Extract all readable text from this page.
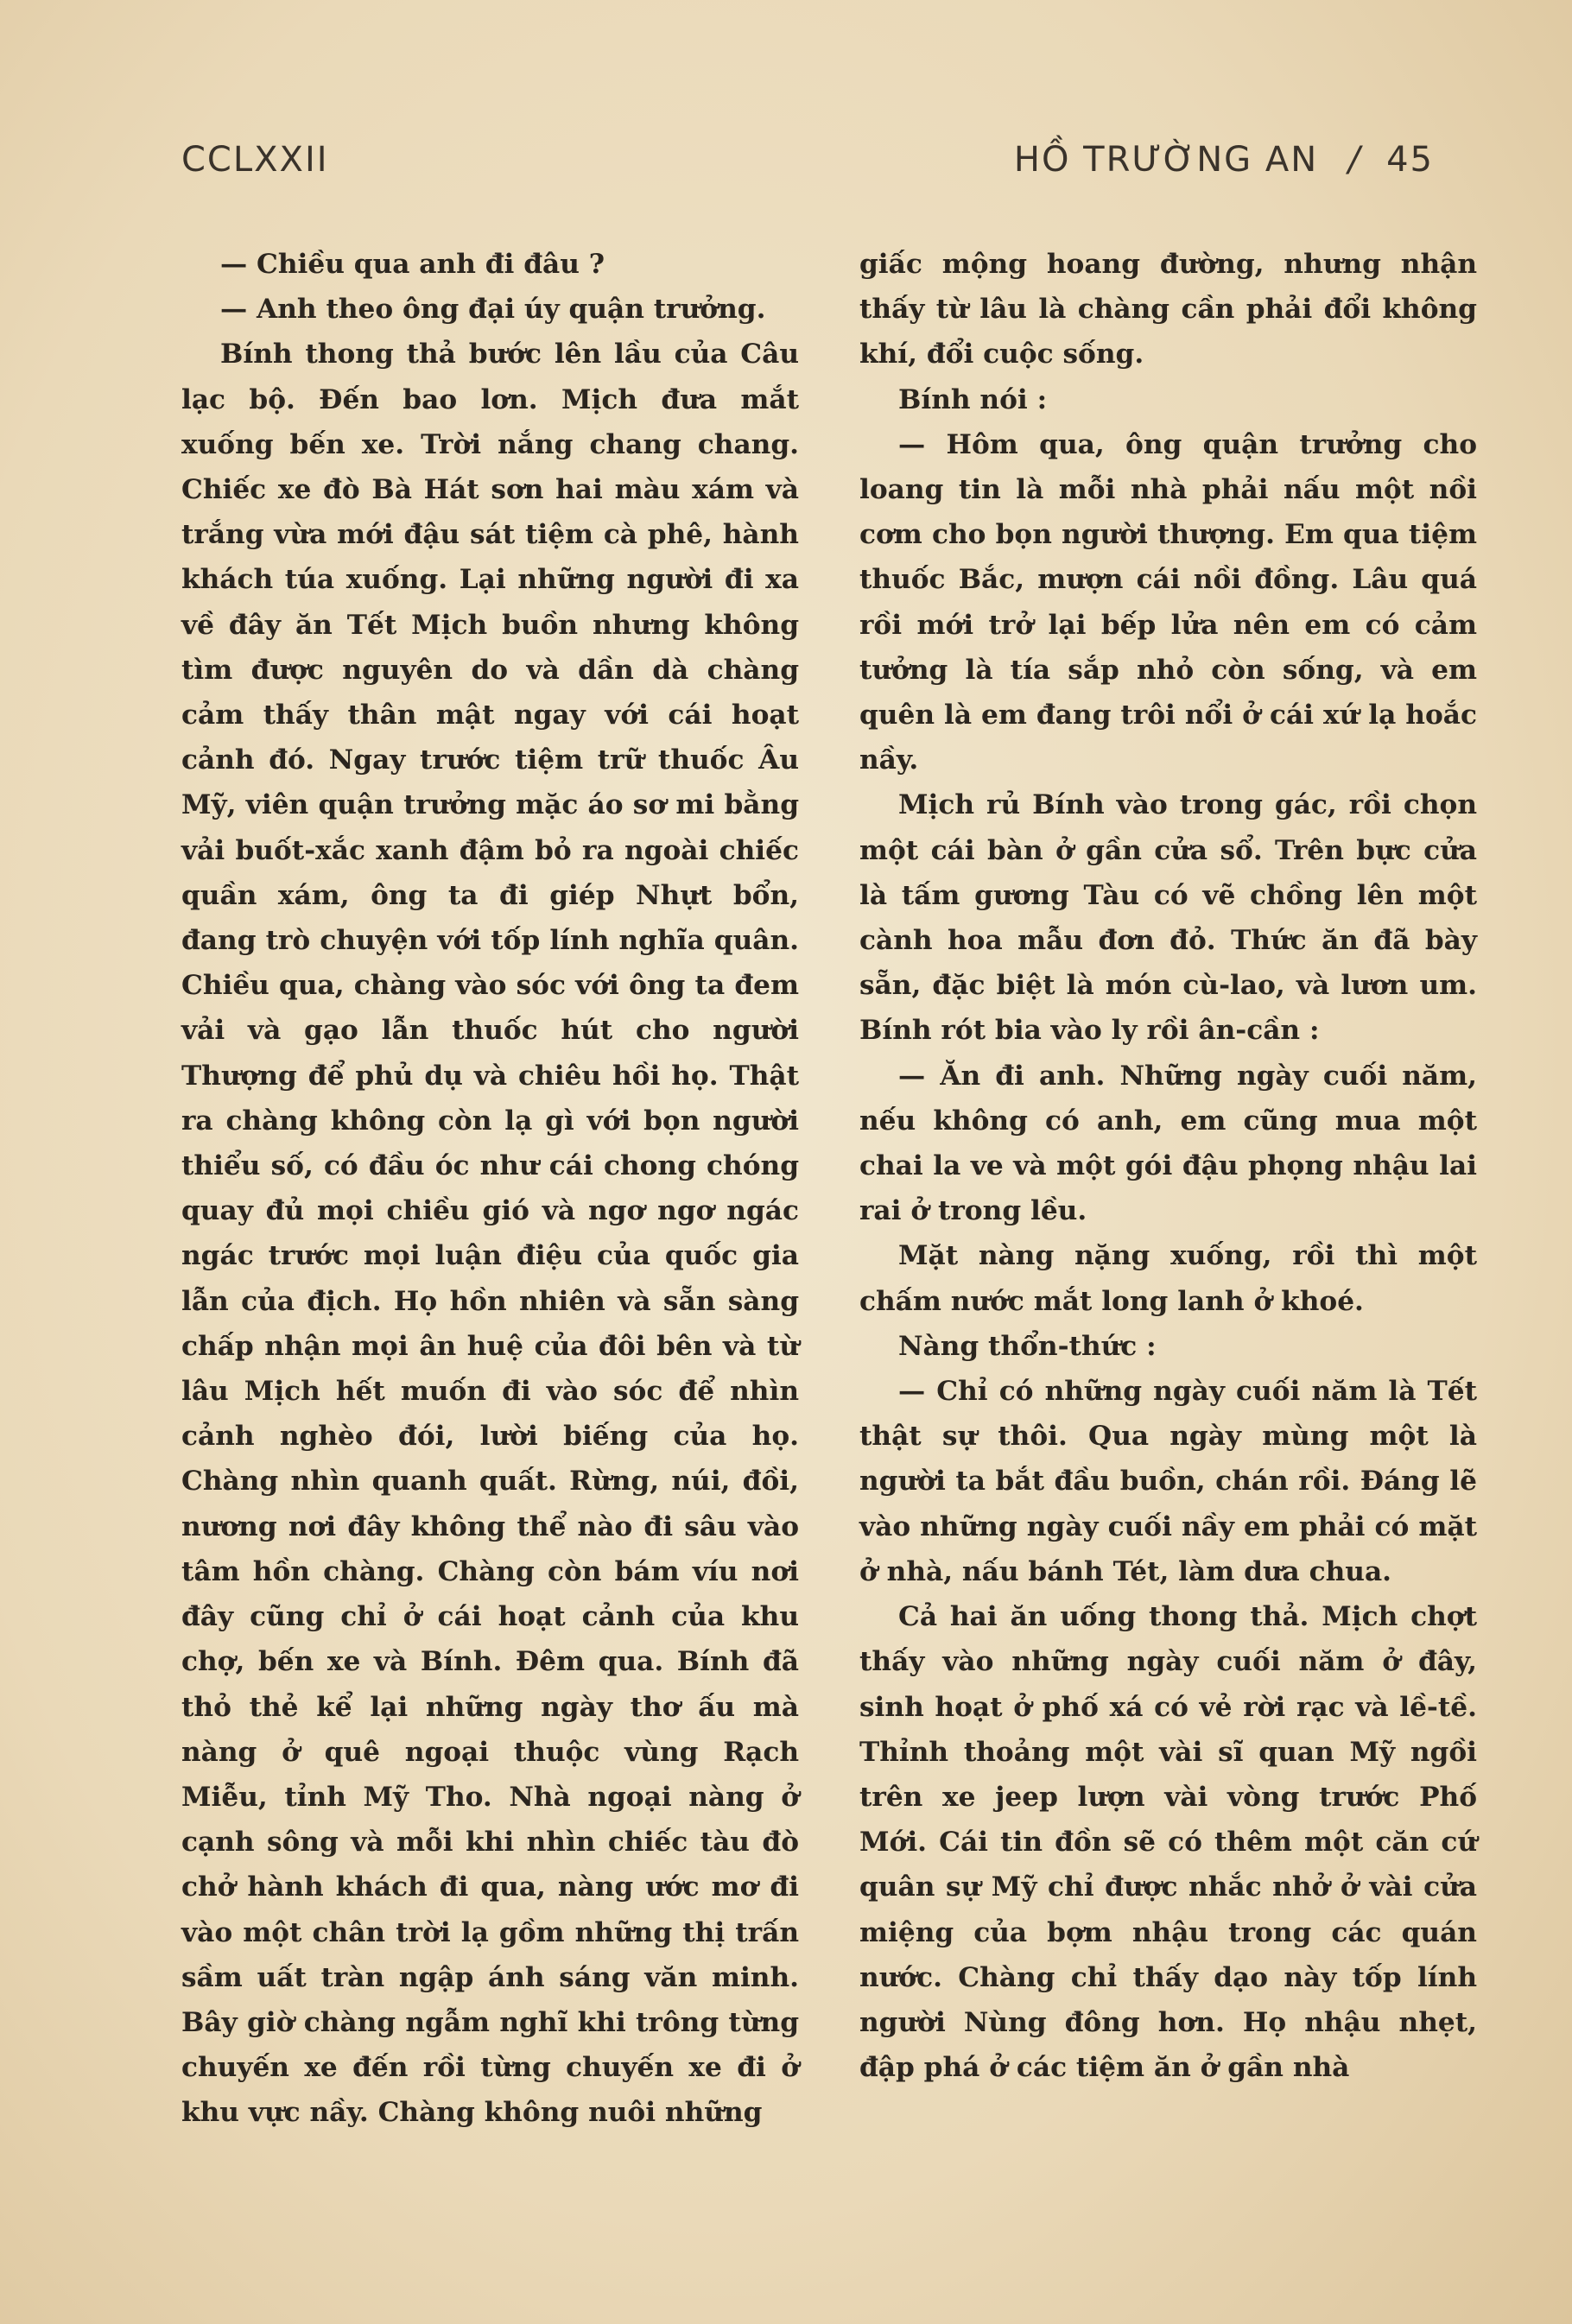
CCLXXII	HỒ TRƯỜNG AN / 45

— Chiều qua anh đi đâu ?

— Anh theo ông đại úy quận trưởng.

Bính thong thả bước lên lầu của Câu lạc bộ. Đến bao lơn. Mịch đưa mắt xuống bến xe. Trời nắng chang chang. Chiếc xe đò Bà Hát sơn hai màu xám và trắng vừa mới đậu sát tiệm cà phê, hành khách túa xuống. Lại những người đi xa về đây ăn Tết Mịch buồn nhưng không tìm được nguyên do và dần dà chàng cảm thấy thân mật ngay với cái hoạt cảnh đó. Ngay trước tiệm trữ thuốc Âu Mỹ, viên quận trưởng mặc áo sơ mi bằng vải buốt-xắc xanh đậm bỏ ra ngoài chiếc quần xám, ông ta đi giép Nhựt bổn, đang trò chuyện với tốp lính nghĩa quân. Chiều qua, chàng vào sóc với ông ta đem vải và gạo lẫn thuốc hút cho người Thượng để phủ dụ và chiêu hồi họ. Thật ra chàng không còn lạ gì với bọn người thiểu số, có đầu óc như cái chong chóng quay đủ mọi chiều gió và ngơ ngơ ngác ngác trước mọi luận điệu của quốc gia lẫn của địch. Họ hồn nhiên và sẵn sàng chấp nhận mọi ân huệ của đôi bên và từ lâu Mịch hết muốn đi vào sóc để nhìn cảnh nghèo đói, lười biếng của họ. Chàng nhìn quanh quất. Rừng, núi, đồi, nương nơi đây không thể nào đi sâu vào tâm hồn chàng. Chàng còn bám víu nơi đây cũng chỉ ở cái hoạt cảnh của khu chợ, bến xe và Bính. Đêm qua. Bính đã thỏ thẻ kể lại những ngày thơ ấu mà nàng ở quê ngoại thuộc vùng Rạch Miễu, tỉnh Mỹ Tho. Nhà ngoại nàng ở cạnh sông và mỗi khi nhìn chiếc tàu đò chở hành khách đi qua, nàng ước mơ đi vào một chân trời lạ gồm những thị trấn sầm uất tràn ngập ánh sáng văn minh. Bây giờ chàng ngẫm nghĩ khi trông từng chuyến xe đến rồi từng chuyến xe đi ở khu vực nầy. Chàng không nuôi những

giấc mộng hoang đường, nhưng nhận thấy từ lâu là chàng cần phải đổi không khí, đổi cuộc sống.

Bính nói :

— Hôm qua, ông quận trưởng cho loang tin là mỗi nhà phải nấu một nồi cơm cho bọn người thượng. Em qua tiệm thuốc Bắc, mượn cái nồi đồng. Lâu quá rồi mới trở lại bếp lửa nên em có cảm tưởng là tía sắp nhỏ còn sống, và em quên là em đang trôi nổi ở cái xứ lạ hoắc nầy.

Mịch rủ Bính vào trong gác, rồi chọn một cái bàn ở gần cửa sổ. Trên bực cửa là tấm gương Tàu có vẽ chồng lên một cành hoa mẫu đơn đỏ. Thức ăn đã bày sẵn, đặc biệt là món cù-lao, và lươn um. Bính rót bia vào ly rồi ân-cần :

— Ăn đi anh. Những ngày cuối năm, nếu không có anh, em cũng mua một chai la ve và một gói đậu phọng nhậu lai rai ở trong lều.

Mặt nàng nặng xuống, rồi thì một chấm nước mắt long lanh ở khoé.

Nàng thổn-thức :

— Chỉ có những ngày cuối năm là Tết thật sự thôi. Qua ngày mùng một là người ta bắt đầu buồn, chán rồi. Đáng lẽ vào những ngày cuối nầy em phải có mặt ở nhà, nấu bánh Tét, làm dưa chua.

Cả hai ăn uống thong thả. Mịch chợt thấy vào những ngày cuối năm ở đây, sinh hoạt ở phố xá có vẻ rời rạc và lề-tề. Thỉnh thoảng một vài sĩ quan Mỹ ngồi trên xe jeep lượn vài vòng trước Phố Mới. Cái tin đồn sẽ có thêm một căn cứ quân sự Mỹ chỉ được nhắc nhở ở vài cửa miệng của bợm nhậu trong các quán nước. Chàng chỉ thấy dạo này tốp lính người Nùng đông hơn. Họ nhậu nhẹt, đập phá ở các tiệm ăn ở gần nhà
